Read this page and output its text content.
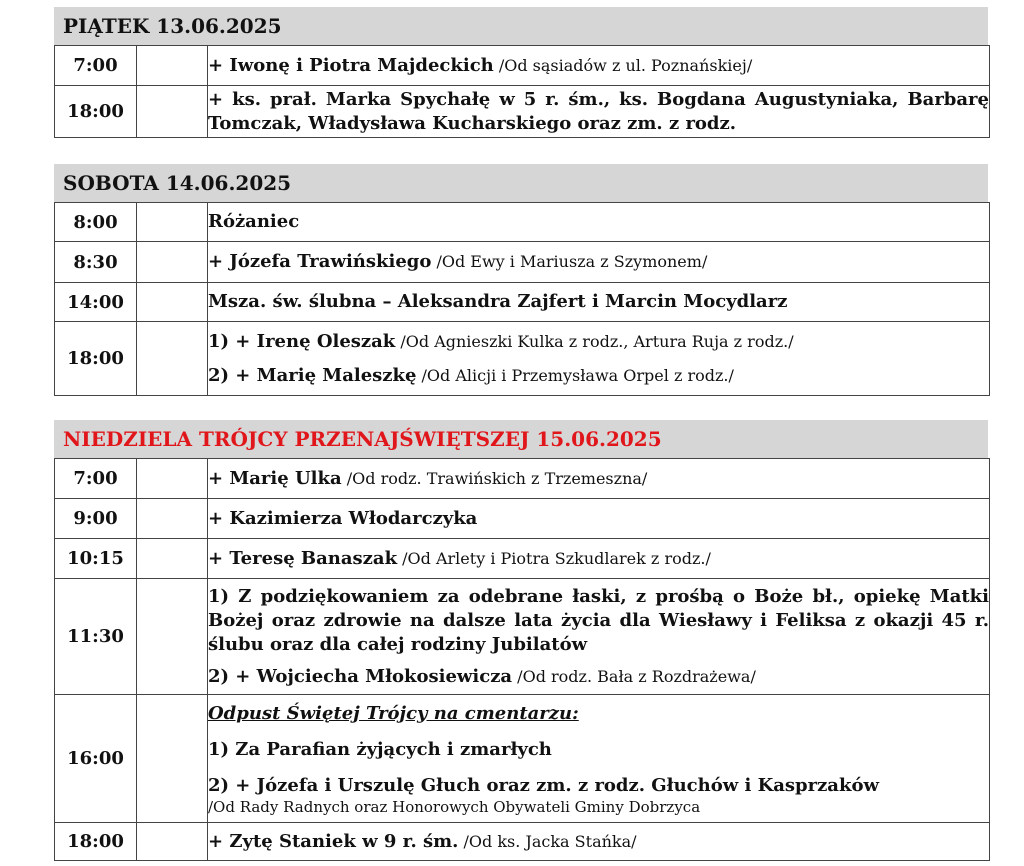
PIĄTEK 13.06.2025
7:00		+ Iwonę i Piotra Majdeckich /Od sąsiadów z ul. Poznańskiej/
18:00		+ ks. prał. Marka Spychałę w 5 r. śm., ks. Bogdana Augustyniaka, Barbarę Tomczak, Władysława Kucharskiego oraz zm. z rodz.
SOBOTA 14.06.2025
8:00		Różaniec
8:30		+ Józefa Trawińskiego /Od Ewy i Mariusza z Szymonem/
14:00		Msza. św. ślubna – Aleksandra Zajfert i Marcin Mocydlarz
18:00		1) + Irenę Oleszak /Od Agnieszki Kulka z rodz., Artura Ruja z rodz./

2) + Marię Maleszkę /Od Alicji i Przemysława Orpel z rodz./

NIEDZIELA TRÓJCY PRZENAJŚWIĘTSZEJ 15.06.2025
7:00		+ Marię Ulka /Od rodz. Trawińskich z Trzemeszna/
9:00		+ Kazimierza Włodarczyka
10:15		+ Teresę Banaszak /Od Arlety i Piotra Szkudlarek z rodz./
11:30		1) Z podziękowaniem za odebrane łaski, z prośbą o Boże bł., opiekę Matki Bożej oraz zdrowie na dalsze lata życia dla Wiesławy i Feliksa z okazji 45 r. ślubu oraz dla całej rodziny Jubilatów

2) + Wojciecha Młokosiewicza /Od rodz. Bała z Rozdrażewa/

16:00		Odpust Świętej Trójcy na cmentarzu:

1) Za Parafian żyjących i zmarłych

2) + Józefa i Urszulę Głuch oraz zm. z rodz. Głuchów i Kasprzaków

/Od Rady Radnych oraz Honorowych Obywateli Gminy Dobrzyca

18:00		+ Zytę Staniek w 9 r. śm. /Od ks. Jacka Stańka/
